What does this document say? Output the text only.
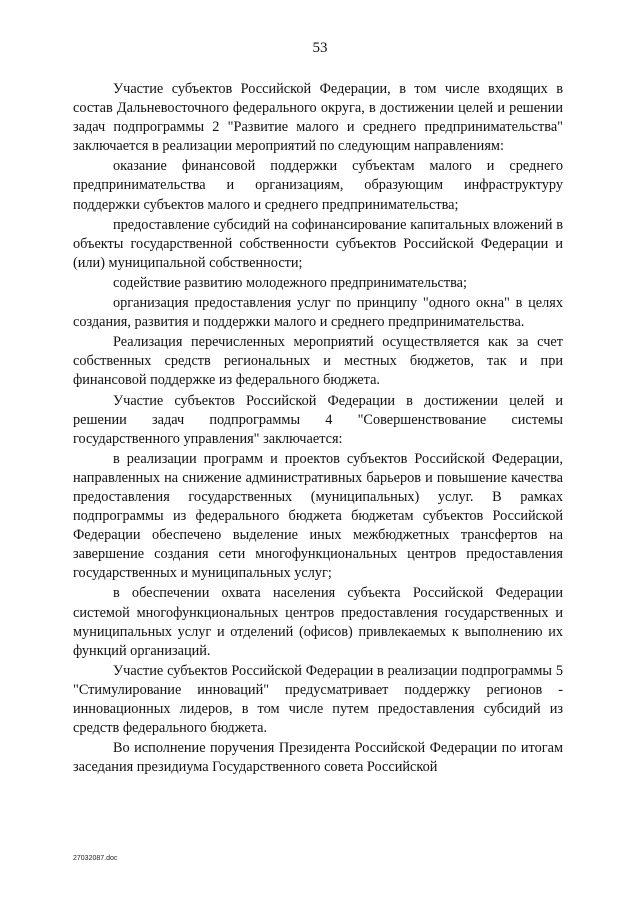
53

Участие субъектов Российской Федерации, в том числе входящих в состав Дальневосточного федерального округа, в достижении целей и решении задач подпрограммы 2 "Развитие малого и среднего предпринимательства" заключается в реализации мероприятий по следующим направлениям:

оказание финансовой поддержки субъектам малого и среднего предпринимательства и организациям, образующим инфраструктуру поддержки субъектов малого и среднего предпринимательства;

предоставление субсидий на софинансирование капитальных вложений в объекты государственной собственности субъектов Российской Федерации и (или) муниципальной собственности;

содействие развитию молодежного предпринимательства;

организация предоставления услуг по принципу "одного окна" в целях создания, развития и поддержки малого и среднего предпринимательства.

Реализация перечисленных мероприятий осуществляется как за счет собственных средств региональных и местных бюджетов, так и при финансовой поддержке из федерального бюджета.

Участие субъектов Российской Федерации в достижении целей и решении задач подпрограммы 4 "Совершенствование системы государственного управления" заключается:

в реализации программ и проектов субъектов Российской Федерации, направленных на снижение административных барьеров и повышение качества предоставления государственных (муниципальных) услуг. В рамках подпрограммы из федерального бюджета бюджетам субъектов Российской Федерации обеспечено выделение иных межбюджетных трансфертов на завершение создания сети многофункциональных центров предоставления государственных и муниципальных услуг;

в обеспечении охвата населения субъекта Российской Федерации системой многофункциональных центров предоставления государственных и муниципальных услуг и отделений (офисов) привлекаемых к выполнению их функций организаций.

Участие субъектов Российской Федерации в реализации подпрограммы 5 "Стимулирование инноваций" предусматривает поддержку регионов - инновационных лидеров, в том числе путем предоставления субсидий из средств федерального бюджета.

Во исполнение поручения Президента Российской Федерации по итогам заседания президиума Государственного совета Российской

27032087.doc
